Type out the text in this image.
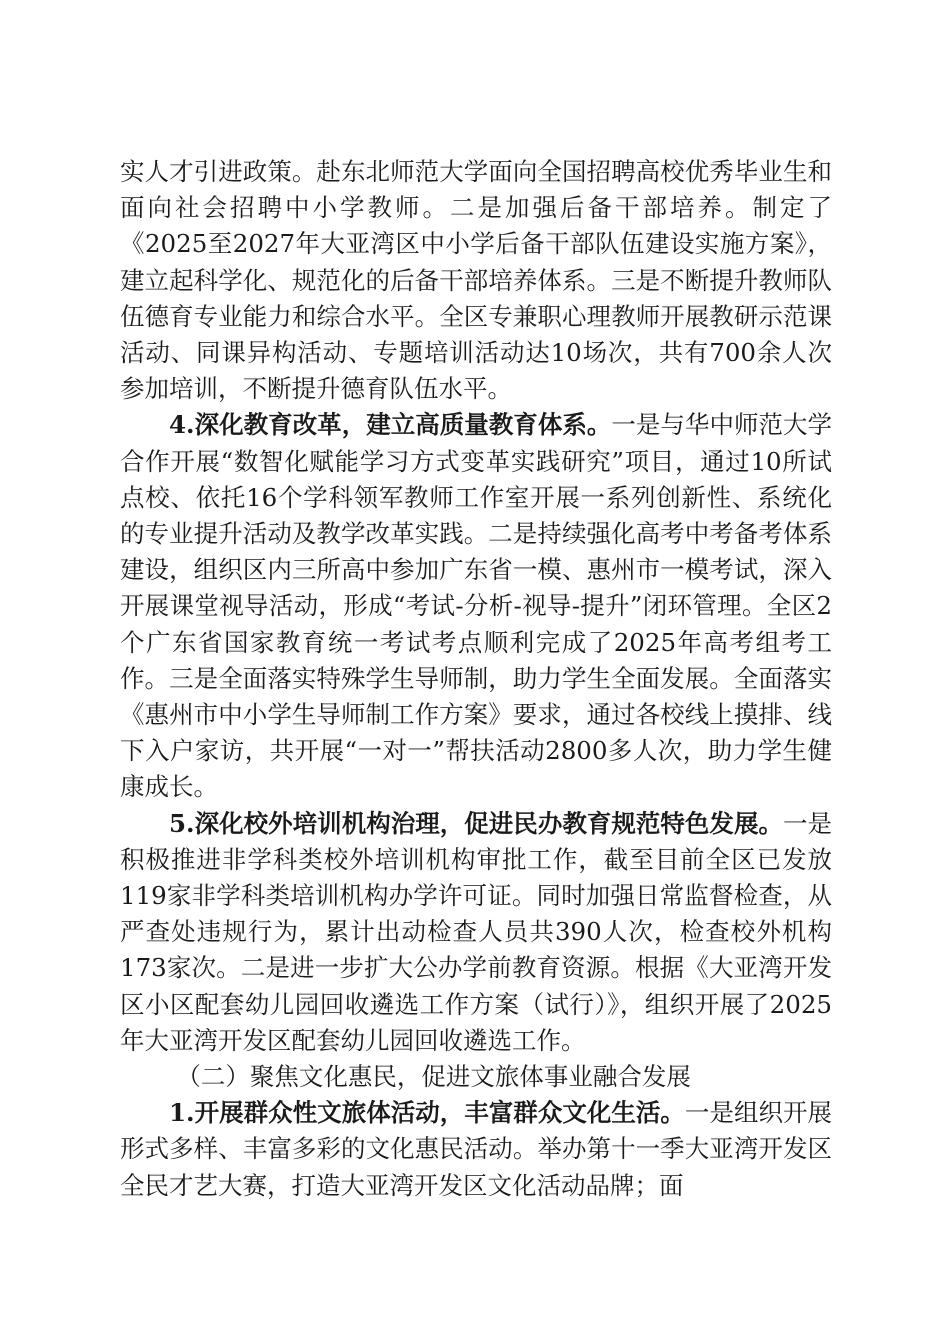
实人才引进政策。赴东北师范大学面向全国招聘高校优秀毕业生和面向社会招聘中小学教师。二是加强后备干部培养。制定了《2025至2027年大亚湾区中小学后备干部队伍建设实施方案》，建立起科学化、规范化的后备干部培养体系。三是不断提升教师队伍德育专业能力和综合水平。全区专兼职心理教师开展教研示范课活动、同课异构活动、专题培训活动达10场次，共有700余人次参加培训，不断提升德育队伍水平。

4.深化教育改革，建立高质量教育体系。一是与华中师范大学合作开展“数智化赋能学习方式变革实践研究”项目，通过10所试点校、依托16个学科领军教师工作室开展一系列创新性、系统化的专业提升活动及教学改革实践。二是持续强化高考中考备考体系建设，组织区内三所高中参加广东省一模、惠州市一模考试，深入开展课堂视导活动，形成“考试-分析-视导-提升”闭环管理。全区2个广东省国家教育统一考试考点顺利完成了2025年高考组考工作。三是全面落实特殊学生导师制，助力学生全面发展。全面落实《惠州市中小学生导师制工作方案》要求，通过各校线上摸排、线下入户家访，共开展“一对一”帮扶活动2800多人次，助力学生健康成长。

5.深化校外培训机构治理，促进民办教育规范特色发展。一是积极推进非学科类校外培训机构审批工作，截至目前全区已发放119家非学科类培训机构办学许可证。同时加强日常监督检查，从严查处违规行为，累计出动检查人员共390人次，检查校外机构173家次。二是进一步扩大公办学前教育资源。根据《大亚湾开发区小区配套幼儿园回收遴选工作方案（试行）》，组织开展了2025年大亚湾开发区配套幼儿园回收遴选工作。

（二）聚焦文化惠民，促进文旅体事业融合发展

1.开展群众性文旅体活动，丰富群众文化生活。一是组织开展形式多样、丰富多彩的文化惠民活动。举办第十一季大亚湾开发区全民才艺大赛，打造大亚湾开发区文化活动品牌；面
